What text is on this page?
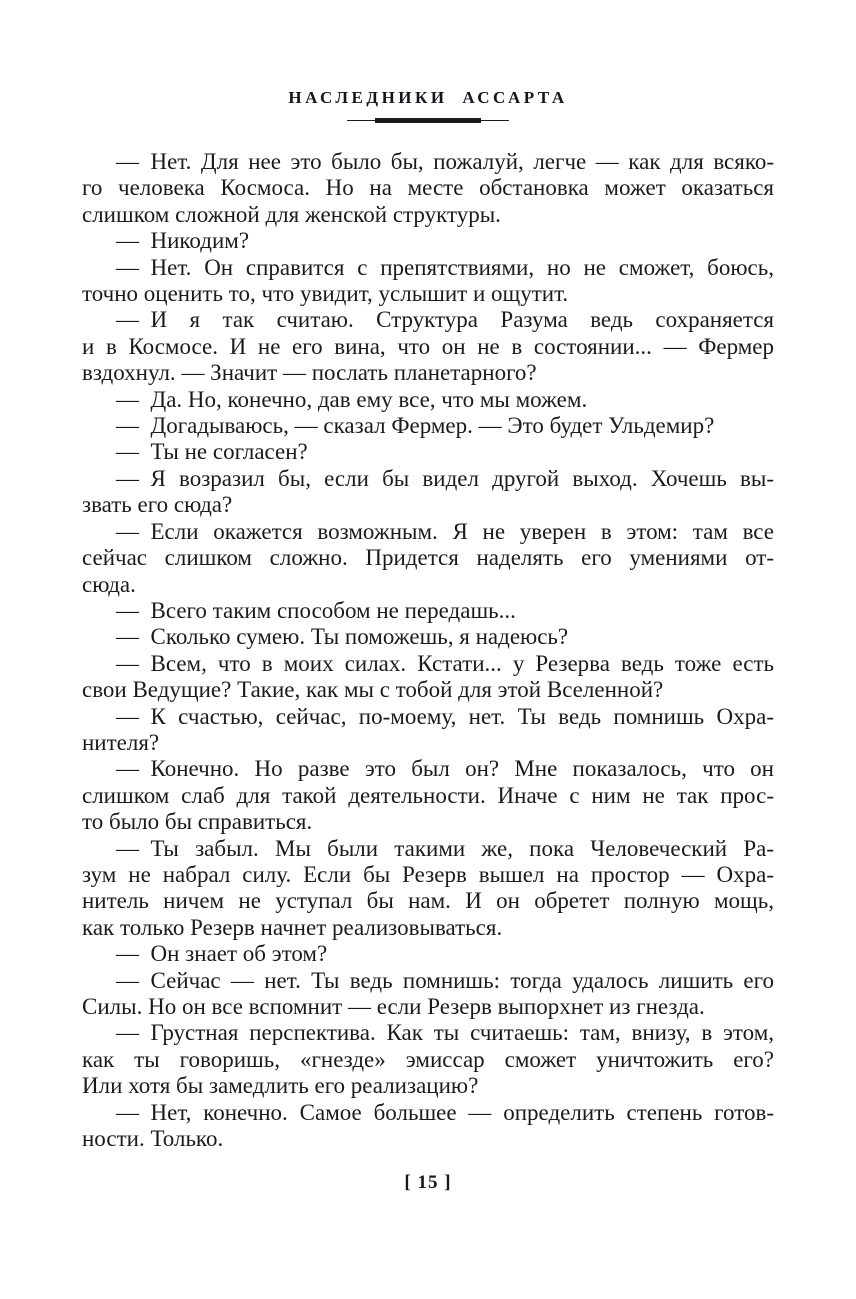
НАСЛЕДНИКИ АССАРТА
— Нет. Для нее это было бы, пожалуй, легче — как для всяко-
го человека Космоса. Но на месте обстановка может оказаться
слишком сложной для женской структуры.
— Никодим?
— Нет. Он справится с препятствиями, но не сможет, боюсь,
точно оценить то, что увидит, услышит и ощутит.
— И я так считаю. Структура Разума ведь сохраняется
и в Космосе. И не его вина, что он не в состоянии... — Фермер
вздохнул. — Значит — послать планетарного?
— Да. Но, конечно, дав ему все, что мы можем.
— Догадываюсь, — сказал Фермер. — Это будет Ульдемир?
— Ты не согласен?
— Я возразил бы, если бы видел другой выход. Хочешь вы-
звать его сюда?
— Если окажется возможным. Я не уверен в этом: там все
сейчас слишком сложно. Придется наделять его умениями от-
сюда.
— Всего таким способом не передашь...
— Сколько сумею. Ты поможешь, я надеюсь?
— Всем, что в моих силах. Кстати... у Резерва ведь тоже есть
свои Ведущие? Такие, как мы с тобой для этой Вселенной?
— К счастью, сейчас, по-моему, нет. Ты ведь помнишь Охра-
нителя?
— Конечно. Но разве это был он? Мне показалось, что он
слишком слаб для такой деятельности. Иначе с ним не так прос-
то было бы справиться.
— Ты забыл. Мы были такими же, пока Человеческий Ра-
зум не набрал силу. Если бы Резерв вышел на простор — Охра-
нитель ничем не уступал бы нам. И он обретет полную мощь,
как только Резерв начнет реализовываться.
— Он знает об этом?
— Сейчас — нет. Ты ведь помнишь: тогда удалось лишить его
Силы. Но он все вспомнит — если Резерв выпорхнет из гнезда.
— Грустная перспектива. Как ты считаешь: там, внизу, в этом,
как ты говоришь, «гнезде» эмиссар сможет уничтожить его?
Или хотя бы замедлить его реализацию?
— Нет, конечно. Самое большее — определить степень готов-
ности. Только.
[ 15 ]
